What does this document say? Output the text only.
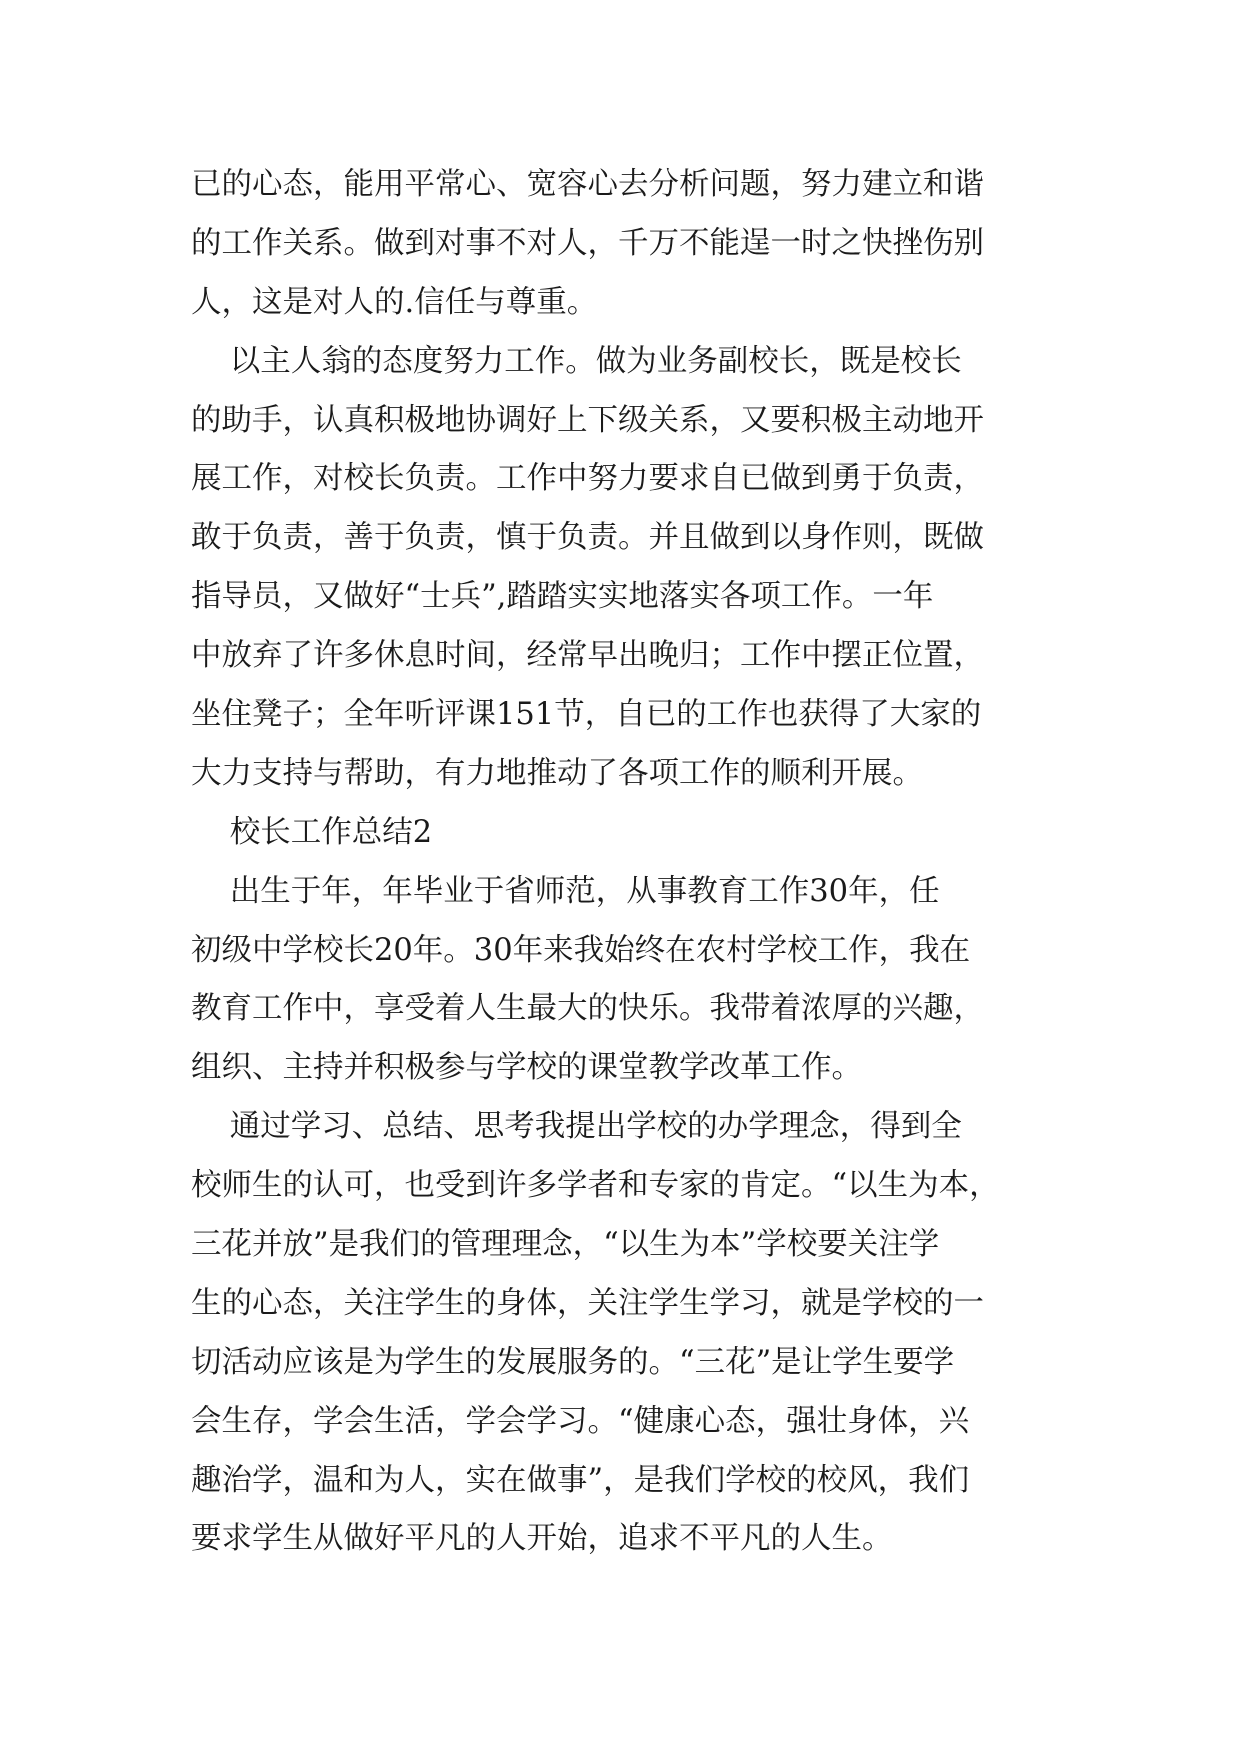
已的心态，能用平常心、宽容心去分析问题，努力建立和谐
的工作关系。做到对事不对人，千万不能逞一时之快挫伤别
人，这是对人的.信任与尊重。
以主人翁的态度努力工作。做为业务副校长，既是校长
的助手，认真积极地协调好上下级关系，又要积极主动地开
展工作，对校长负责。工作中努力要求自已做到勇于负责，
敢于负责，善于负责，慎于负责。并且做到以身作则，既做
指导员，又做好“士兵”,踏踏实实地落实各项工作。一年
中放弃了许多休息时间，经常早出晚归；工作中摆正位置，
坐住凳子；全年听评课151节，自已的工作也获得了大家的
大力支持与帮助，有力地推动了各项工作的顺利开展。
校长工作总结2
出生于年，年毕业于省师范，从事教育工作30年，任
初级中学校长20年。30年来我始终在农村学校工作，我在
教育工作中，享受着人生最大的快乐。我带着浓厚的兴趣，
组织、主持并积极参与学校的课堂教学改革工作。
通过学习、总结、思考我提出学校的办学理念，得到全
校师生的认可，也受到许多学者和专家的肯定。“以生为本，
三花并放”是我们的管理理念，“以生为本”学校要关注学
生的心态，关注学生的身体，关注学生学习，就是学校的一
切活动应该是为学生的发展服务的。“三花”是让学生要学
会生存，学会生活，学会学习。“健康心态，强壮身体，兴
趣治学，温和为人，实在做事”，是我们学校的校风，我们
要求学生从做好平凡的人开始，追求不平凡的人生。
